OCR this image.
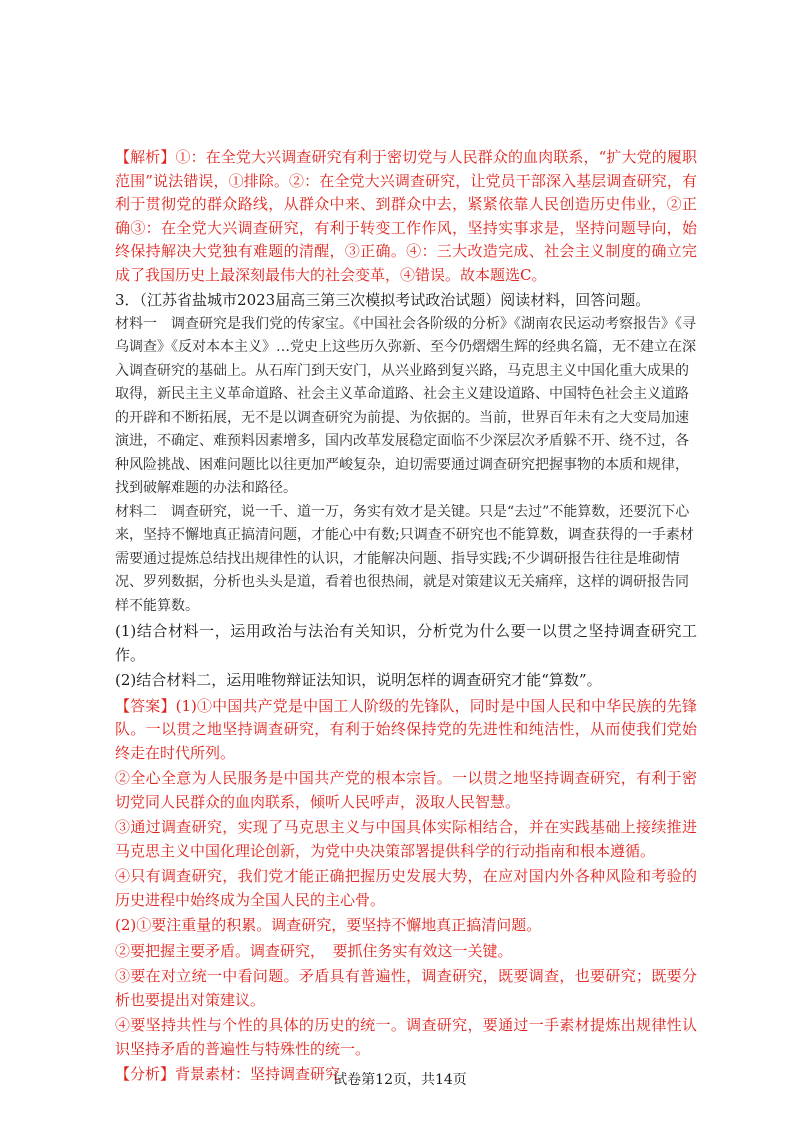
【解析】①：在全党大兴调查研究有利于密切党与人民群众的血肉联系，“扩大党的履职范围”说法错误，①排除。②：在全党大兴调查研究，让党员干部深入基层调查研究，有利于贯彻党的群众路线，从群众中来、到群众中去，紧紧依靠人民创造历史伟业，②正确③：在全党大兴调查研究，有利于转变工作作风，坚持实事求是，坚持问题导向，始终保持解决大党独有难题的清醒，③正确。④：三大改造完成、社会主义制度的确立完成了我国历史上最深刻最伟大的社会变革，④错误。故本题选C。

3．（江苏省盐城市2023届高三第三次模拟考试政治试题）阅读材料，回答问题。

材料一　调查研究是我们党的传家宝。《中国社会各阶级的分析》《湖南农民运动考察报告》《寻乌调查》《反对本本主义》…党史上这些历久弥新、至今仍熠熠生辉的经典名篇，无不建立在深入调查研究的基础上。从石库门到天安门，从兴业路到复兴路，马克思主义中国化重大成果的取得，新民主主义革命道路、社会主义革命道路、社会主义建设道路、中国特色社会主义道路的开辟和不断拓展，无不是以调查研究为前提、为依据的。当前，世界百年未有之大变局加速演进，不确定、难预料因素增多，国内改革发展稳定面临不少深层次矛盾躲不开、绕不过，各种风险挑战、困难问题比以往更加严峻复杂，迫切需要通过调查研究把握事物的本质和规律，找到破解难题的办法和路径。

材料二　调查研究，说一千、道一万，务实有效才是关键。只是“去过”不能算数，还要沉下心来，坚持不懈地真正搞清问题，才能心中有数;只调查不研究也不能算数，调查获得的一手素材需要通过提炼总结找出规律性的认识，才能解决问题、指导实践;不少调研报告往往是堆砌情况、罗列数据，分析也头头是道，看着也很热闹，就是对策建议无关痛痒，这样的调研报告同样不能算数。

(1)结合材料一，运用政治与法治有关知识，分析党为什么要一以贯之坚持调查研究工作。

(2)结合材料二，运用唯物辩证法知识，说明怎样的调查研究才能“算数”。

【答案】(1)①中国共产党是中国工人阶级的先锋队，同时是中国人民和中华民族的先锋队。一以贯之地坚持调查研究，有利于始终保持党的先进性和纯洁性，从而使我们党始终走在时代所列。

②全心全意为人民服务是中国共产党的根本宗旨。一以贯之地坚持调查研究，有利于密切党同人民群众的血肉联系，倾听人民呼声，汲取人民智慧。

③通过调查研究，实现了马克思主义与中国具体实际相结合，并在实践基础上接续推进马克思主义中国化理论创新，为党中央决策部署提供科学的行动指南和根本遵循。

④只有调查研究，我们党才能正确把握历史发展大势，在应对国内外各种风险和考验的历史进程中始终成为全国人民的主心骨。

(2)①要注重量的积累。调查研究，要坚持不懈地真正搞清问题。

②要把握主要矛盾。调查研究，　要抓住务实有效这一关键。

③要在对立统一中看问题。矛盾具有普遍性，调查研究，既要调查，也要研究；既要分析也要提出对策建议。

④要坚持共性与个性的具体的历史的统一。调查研究，要通过一手素材提炼出规律性认识坚持矛盾的普遍性与特殊性的统一。

【分析】背景素材：坚持调查研究

试卷第12页，共14页
